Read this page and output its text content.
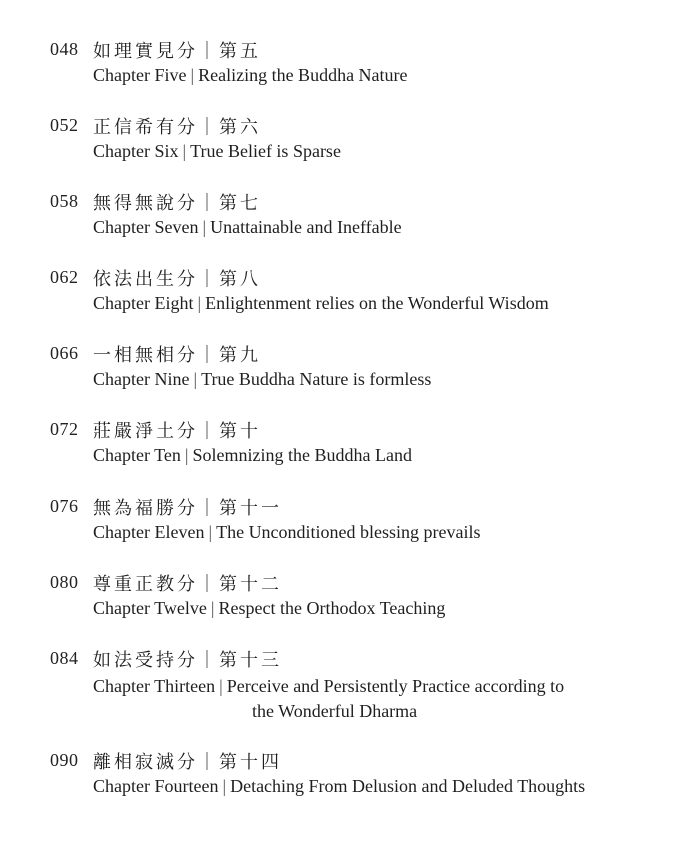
048 如理實見分｜第五
Chapter Five | Realizing the Buddha Nature
052 正信希有分｜第六
Chapter Six | True Belief is Sparse
058 無得無說分｜第七
Chapter Seven | Unattainable and Ineffable
062 依法出生分｜第八
Chapter Eight | Enlightenment relies on the Wonderful Wisdom
066 一相無相分｜第九
Chapter Nine | True Buddha Nature is formless
072 莊嚴淨土分｜第十
Chapter Ten | Solemnizing the Buddha Land
076 無為福勝分｜第十一
Chapter Eleven | The Unconditioned blessing prevails
080 尊重正教分｜第十二
Chapter Twelve | Respect the Orthodox Teaching
084 如法受持分｜第十三
Chapter Thirteen | Perceive and Persistently Practice according to
the Wonderful Dharma
090 離相寂滅分｜第十四
Chapter Fourteen | Detaching From Delusion and Deluded Thoughts
